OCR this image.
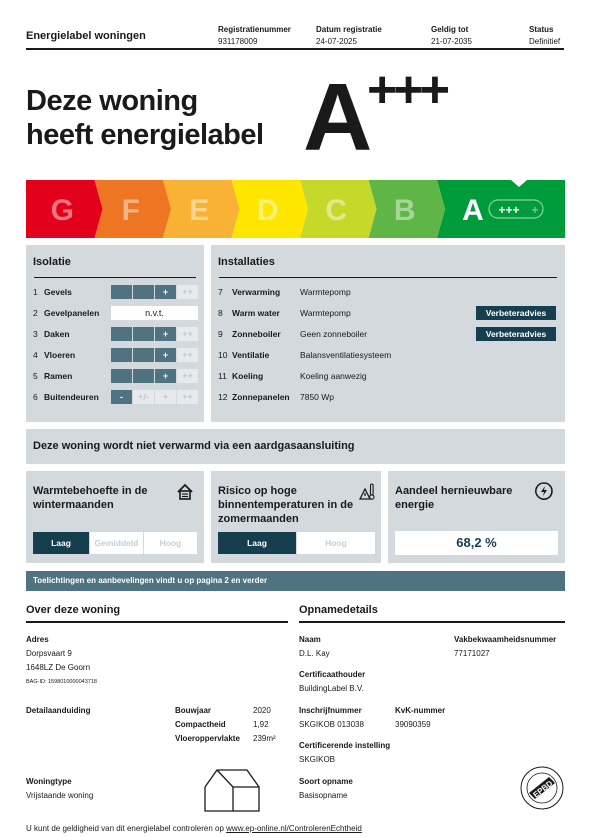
Energielabel woningen
Registratienummer
931178009
Datum registratie
24-07-2025
Geldig tot
21-07-2035
Status
Definitief
Deze woning
heeft energielabel A
+++
G F E D C B A +++ +
Isolatie
1 Gevels	+	++
2 Gevelpanelen	n.v.t.
3 Daken	+	++
4 Vloeren	+	++
5 Ramen	+	++
6 Buitendeuren	-	+/-	+	++
Installaties
7 Verwarming Warmtepomp
8 Warm water Warmtepomp	Verbeteradvies
9 Zonneboiler Geen zonneboiler	Verbeteradvies
10 Ventilatie	Balansventilatiesysteem
11 Koeling	Koeling aanwezig
12 Zonnepanelen 7850 Wp
Deze woning wordt niet verwarmd via een aardgasaansluiting
Warmtebehoefte in de wintermaanden
Laag	Gemiddeld	Hoog
Risico op hoge binnentemperaturen in de zomermaanden
Laag	Hoog
Aandeel hernieuwbare energie
68,2 %
Toelichtingen en aanbevelingen vindt u op pagina 2 en verder
Over deze woning
Adres
Dorpsvaart 9
1648LZ De Goorn
BAG-ID: 1598010000043718
Detailaanduiding	Bouwjaar	2020
Compactheid	1,92
Vloeroppervlakte 239m²
Woningtype
Vrijstaande woning
Opnamedetails
Naam
D.L. Kay
Vakbekwaamheidsnummer
77171027
Certificaathouder
BuildingLabel B.V.
Inschrijfnummer
SKGIKOB 013038
KvK-nummer
39090359
Certificerende instelling
SKGIKOB
Soort opname
Basisopname	EPBD
U kunt de geldigheid van dit energielabel controleren op www.ep-online.nl/ControlerenEchtheid
